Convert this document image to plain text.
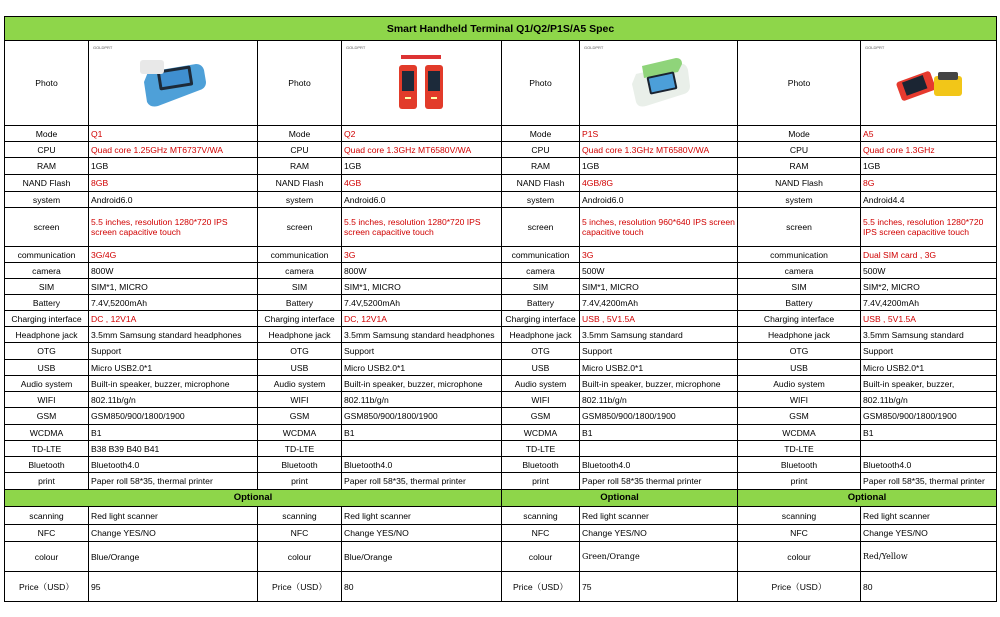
Smart Handheld Terminal Q1/Q2/P1S/A5 Spec							
Photo	GOLDPRT	Photo	GOLDPRT	Photo	GOLDPRT	Photo	GOLDPRT

Mode	Q1	Mode	Q2	Mode	P1S	Mode	A5
CPU	Quad core 1.25GHz MT6737V/WA	CPU	Quad core 1.3GHz MT6580V/WA	CPU	Quad core 1.3GHz MT6580V/WA	CPU	Quad core 1.3GHz
RAM	1GB	RAM	1GB	RAM	1GB	RAM	1GB
NAND Flash	8GB	NAND Flash	4GB	NAND Flash	4GB/8G	NAND Flash	8G
system	Android6.0	system	Android6.0	system	Android6.0	system	Android4.4
screen	5.5 inches, resolution 1280*720 IPS screen capacitive touch	screen	5.5 inches, resolution 1280*720 IPS screen capacitive touch	screen	5 inches, resolution 960*640 IPS screen capacitive touch	screen	5.5 inches, resolution 1280*720 IPS screen capacitive touch
communication	3G/4G	communication	3G	communication	3G	communication	Dual SIM card , 3G
camera	800W	camera	800W	camera	500W	camera	500W
SIM	SIM*1, MICRO	SIM	SIM*1, MICRO	SIM	SIM*1, MICRO	SIM	SIM*2, MICRO
Battery	7.4V,5200mAh	Battery	7.4V,5200mAh	Battery	7.4V,4200mAh	Battery	7.4V,4200mAh
Charging interface	DC , 12V1A	Charging interface	DC, 12V1A	Charging interface	USB , 5V1.5A	Charging interface	USB , 5V1.5A
Headphone jack	3.5mm Samsung standard headphones	Headphone jack	3.5mm Samsung standard headphones	Headphone jack	3.5mm Samsung standard	Headphone jack	3.5mm Samsung standard
OTG	Support	OTG	Support	OTG	Support	OTG	Support
USB	Micro USB2.0*1	USB	Micro USB2.0*1	USB	Micro USB2.0*1	USB	Micro USB2.0*1
Audio system	Built-in speaker, buzzer, microphone	Audio system	Built-in speaker, buzzer, microphone	Audio system	Built-in speaker, buzzer, microphone	Audio system	Built-in speaker, buzzer,
WIFI	802.11b/g/n	WIFI	802.11b/g/n	WIFI	802.11b/g/n	WIFI	802.11b/g/n
GSM	GSM850/900/1800/1900	GSM	GSM850/900/1800/1900	GSM	GSM850/900/1800/1900	GSM	GSM850/900/1800/1900
WCDMA	B1	WCDMA	B1	WCDMA	B1	WCDMA	B1
TD-LTE	B38 B39 B40 B41	TD-LTE		TD-LTE		TD-LTE	
Bluetooth	Bluetooth4.0	Bluetooth	Bluetooth4.0	Bluetooth	Bluetooth4.0	Bluetooth	Bluetooth4.0
print	Paper roll 58*35, thermal printer	print	Paper roll 58*35, thermal printer	print	Paper roll 58*35 thermal printer	print	Paper roll 58*35, thermal printer
Optional				Optional		Optional	
scanning	Red light scanner	scanning	Red light scanner	scanning	Red light scanner	scanning	Red light scanner
NFC	Change YES/NO	NFC	Change YES/NO	NFC	Change YES/NO	NFC	Change YES/NO
colour	Blue/Orange	colour	Blue/Orange	colour	Green/Orange	colour	Red/Yellow
Price（USD）	95	Price（USD）	80	Price（USD）	75	Price（USD）	80
